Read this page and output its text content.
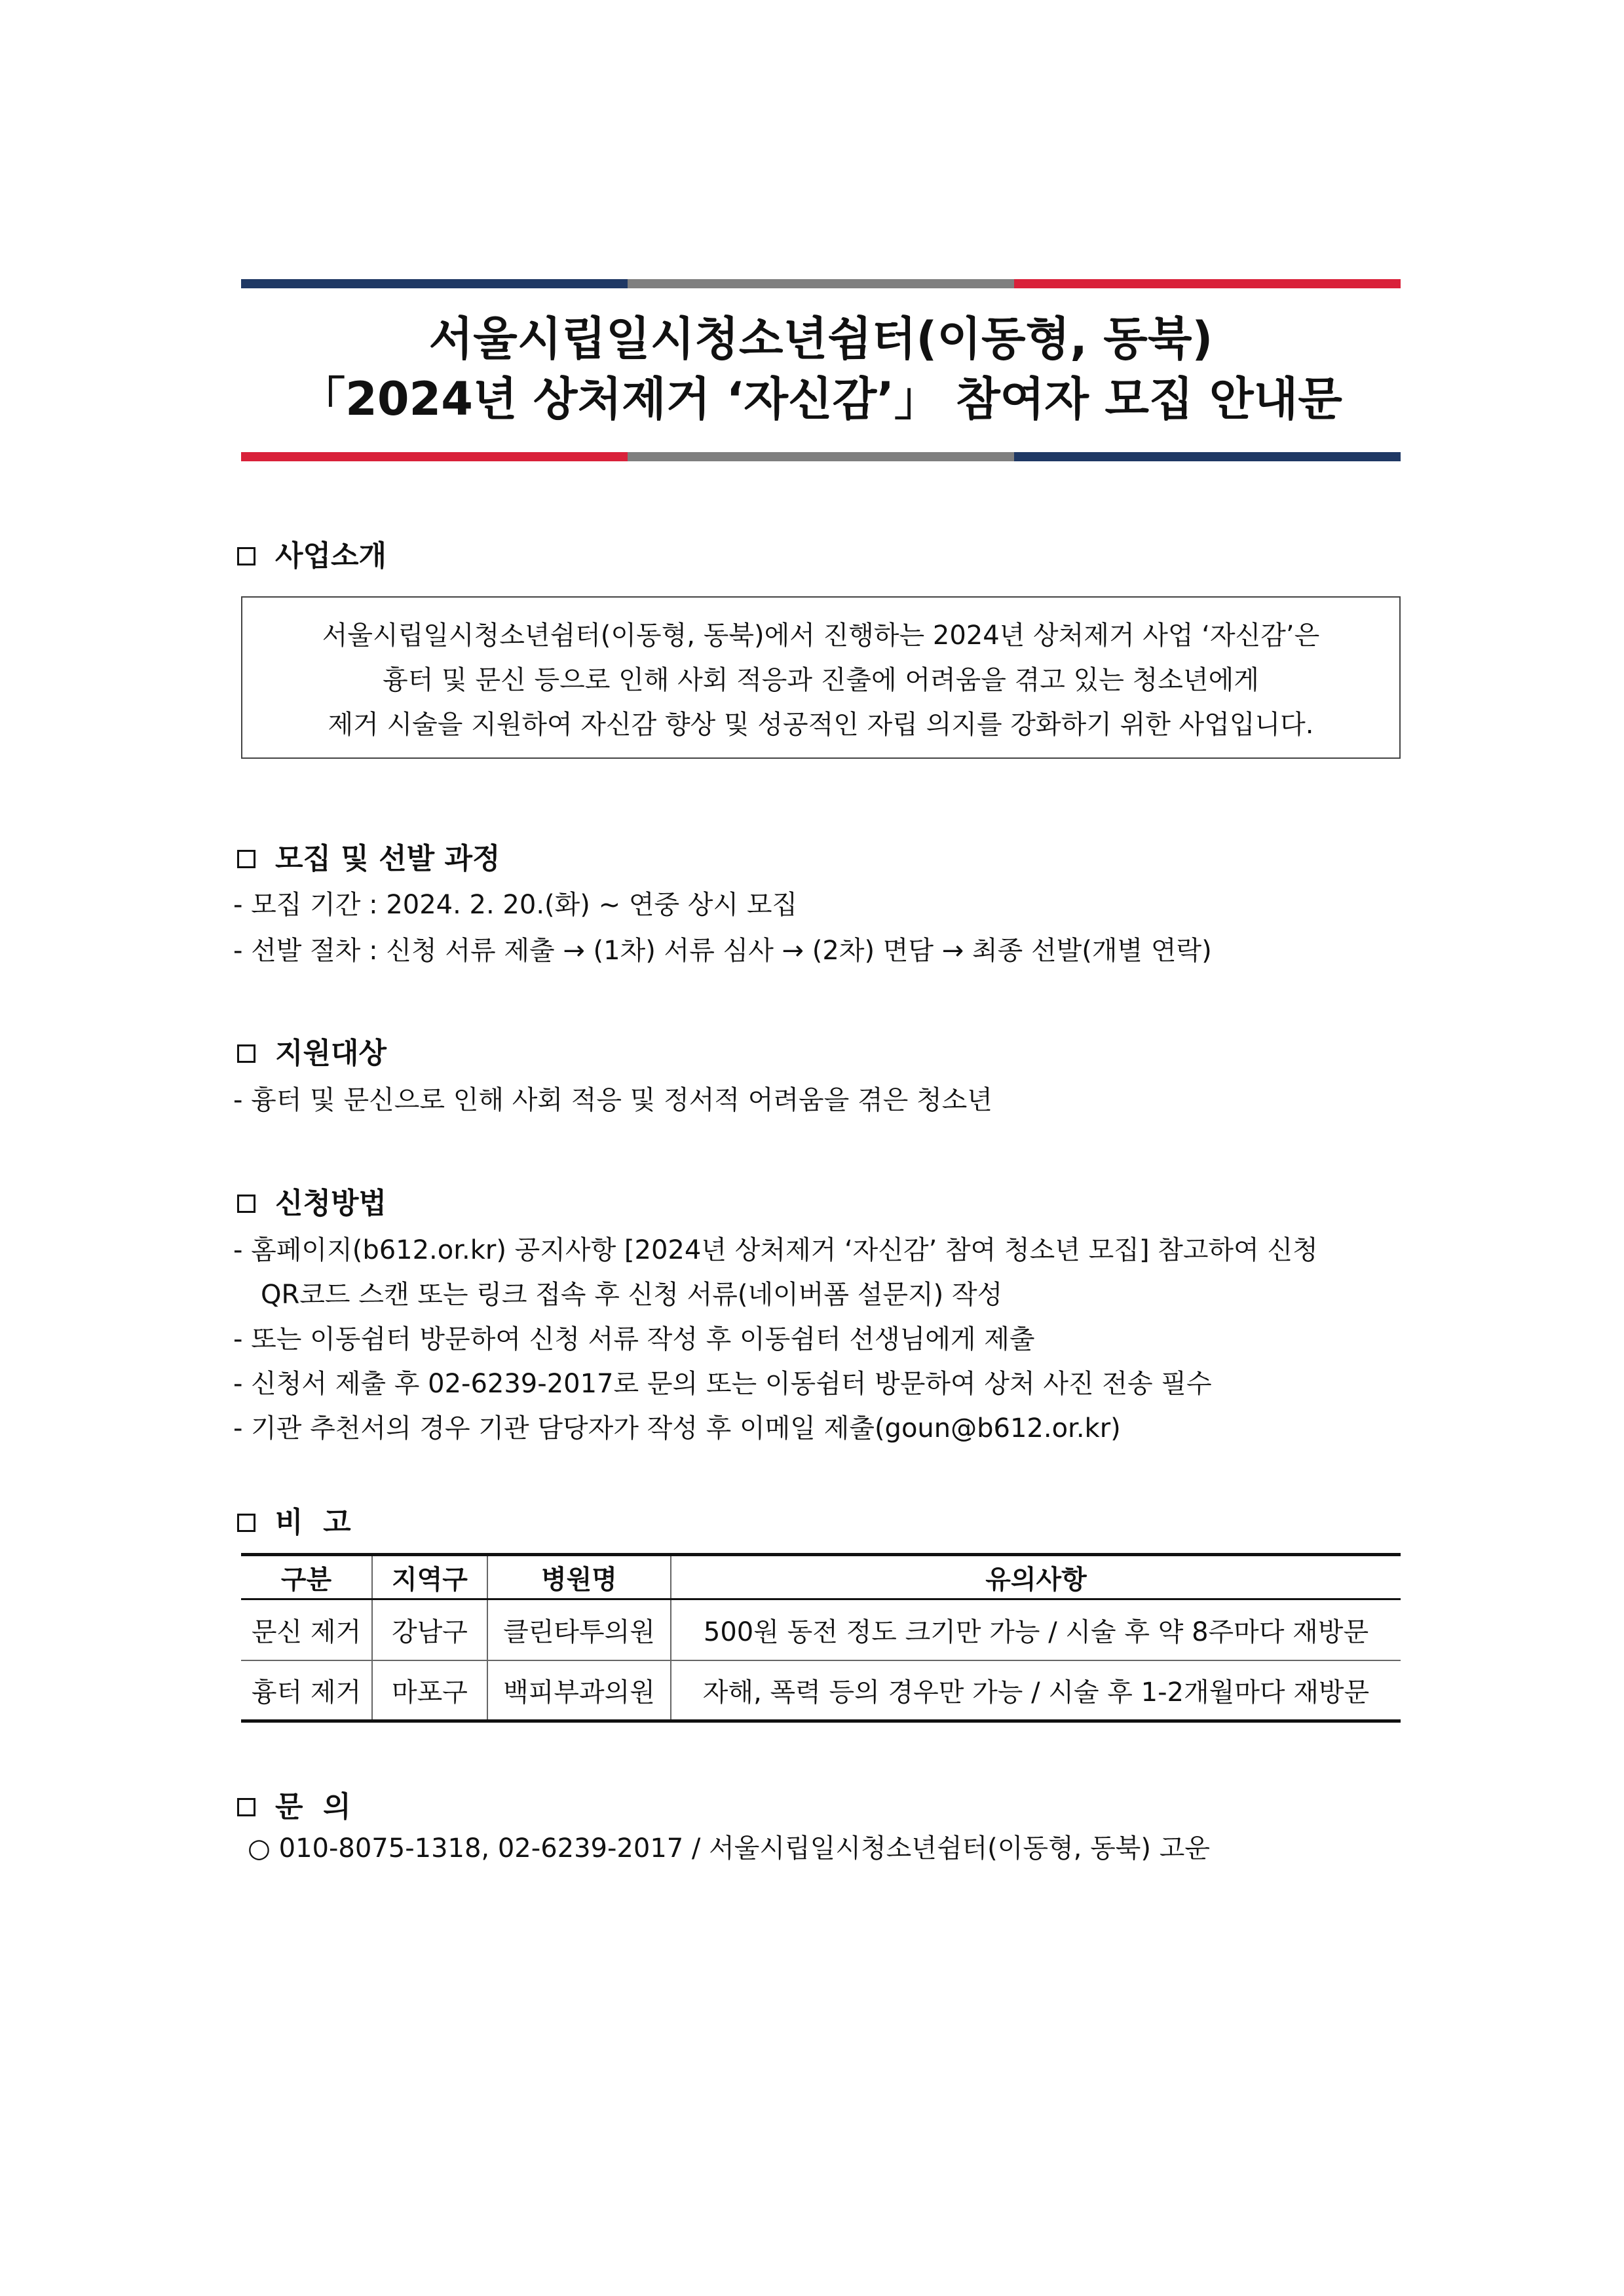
서울시립일시청소년쉼터(이동형, 동북)
「2024년 상처제거 ‘자신감’」 참여자 모집 안내문
사업소개
서울시립일시청소년쉼터(이동형, 동북)에서 진행하는 2024년 상처제거 사업 ‘자신감’은
흉터 및 문신 등으로 인해 사회 적응과 진출에 어려움을 겪고 있는 청소년에게
제거 시술을 지원하여 자신감 향상 및 성공적인 자립 의지를 강화하기 위한 사업입니다.
모집 및 선발 과정
- 모집 기간 : 2024. 2. 20.(화) ~ 연중 상시 모집
- 선발 절차 : 신청 서류 제출 → (1차) 서류 심사 → (2차) 면담 → 최종 선발(개별 연락)
지원대상
- 흉터 및 문신으로 인해 사회 적응 및 정서적 어려움을 겪은 청소년
신청방법
- 홈페이지(b612.or.kr) 공지사항 [2024년 상처제거 ‘자신감’ 참여 청소년 모집] 참고하여 신청
QR코드 스캔 또는 링크 접속 후 신청 서류(네이버폼 설문지) 작성
- 또는 이동쉼터 방문하여 신청 서류 작성 후 이동쉼터 선생님에게 제출
- 신청서 제출 후 02-6239-2017로 문의 또는 이동쉼터 방문하여 상처 사진 전송 필수
- 기관 추천서의 경우 기관 담당자가 작성 후 이메일 제출(goun@b612.or.kr)
비  고
구분	지역구	병원명	유의사항
문신 제거	강남구	클린타투의원	500원 동전 정도 크기만 가능 / 시술 후 약 8주마다 재방문
흉터 제거	마포구	백피부과의원	자해, 폭력 등의 경우만 가능 / 시술 후 1-2개월마다 재방문
문  의
○ 010-8075-1318, 02-6239-2017 / 서울시립일시청소년쉼터(이동형, 동북) 고운
